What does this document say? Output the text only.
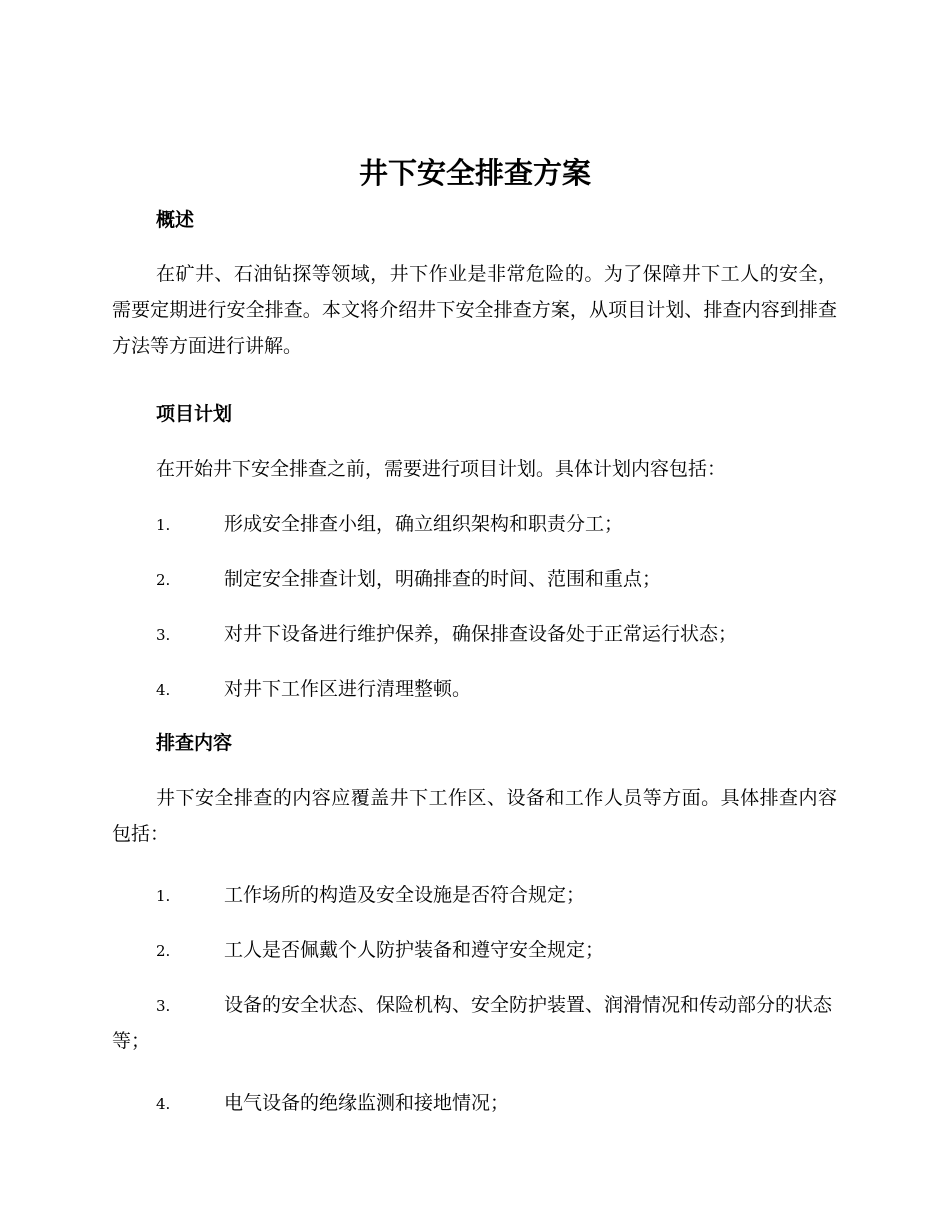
井下安全排查方案
概述

在矿井、石油钻探等领域，井下作业是非常危险的。为了保障井下工人的安全，需要定期进行安全排查。本文将介绍井下安全排查方案，从项目计划、排查内容到排查方法等方面进行讲解。

项目计划

在开始井下安全排查之前，需要进行项目计划。具体计划内容包括：

1.	形成安全排查小组，确立组织架构和职责分工；
2.	制定安全排查计划，明确排查的时间、范围和重点；
3.	对井下设备进行维护保养，确保排查设备处于正常运行状态；
4.	对井下工作区进行清理整顿。
排查内容

井下安全排查的内容应覆盖井下工作区、设备和工作人员等方面。具体排查内容包括：

1.	工作场所的构造及安全设施是否符合规定；
2.	工人是否佩戴个人防护装备和遵守安全规定；
3.	设备的安全状态、保险机构、安全防护装置、润滑情况和传动部分的状态等；
4.	电气设备的绝缘监测和接地情况；
